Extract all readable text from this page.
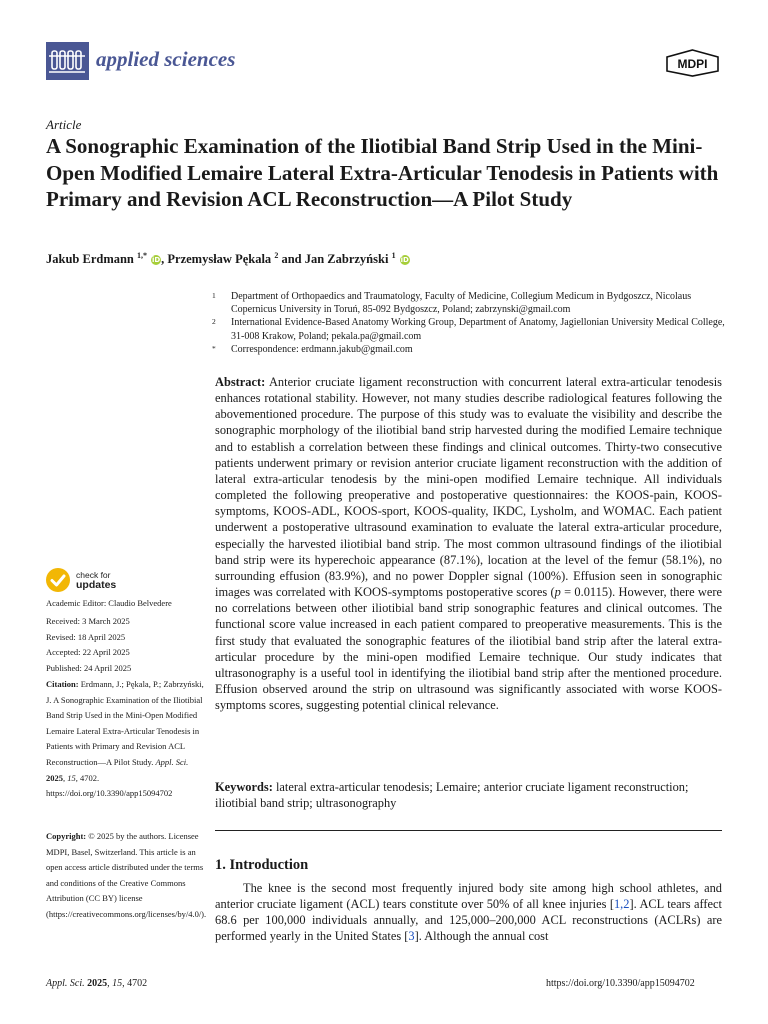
applied sciences	MDPI
Article
A Sonographic Examination of the Iliotibial Band Strip Used in the Mini-Open Modified Lemaire Lateral Extra-Articular Tenodesis in Patients with Primary and Revision ACL Reconstruction—A Pilot Study
Jakub Erdmann $^{1,*}$ iD, Przemysław Pękala $^2$ and Jan Zabrzyński $^1$ iD
1	Department of Orthopaedics and Traumatology, Faculty of Medicine, Collegium Medicum in Bydgoszcz, Nicolaus Copernicus University in Toruń, 85-092 Bydgoszcz, Poland; zabrzynski@gmail.com
2	International Evidence-Based Anatomy Working Group, Department of Anatomy, Jagiellonian University Medical College, 31-008 Krakow, Poland; pekala.pa@gmail.com
*	Correspondence: erdmann.jakub@gmail.com
Abstract: Anterior cruciate ligament reconstruction with concurrent lateral extra-articular tenodesis enhances rotational stability. However, not many studies describe radiological features following the abovementioned procedure. The purpose of this study was to evaluate the visibility and describe the sonographic morphology of the iliotibial band strip harvested during the modified Lemaire technique and to establish a correlation between these findings and clinical outcomes. Thirty-two consecutive patients underwent primary or revision anterior cruciate ligament reconstruction with the addition of lateral extra-articular tenodesis by the mini-open modified Lemaire technique. All individuals completed the following preoperative and postoperative questionnaires: the KOOS-pain, KOOS-symptoms, KOOS-ADL, KOOS-sport, KOOS-quality, IKDC, Lysholm, and WOMAC. Each patient underwent a postoperative ultrasound examination to evaluate the lateral extra-articular procedure, especially the harvested iliotibial band strip. The most common ultrasound findings of the iliotibial band strip were its hyperechoic appearance (87.1%), location at the level of the femur (58.1%), no surrounding effusion (83.9%), and no power Doppler signal (100%). Effusion seen in sonographic images was correlated with KOOS-symptoms postoperative scores (p = 0.0115). However, there were no correlations between other iliotibial band strip sonographic features and clinical outcomes. The functional score value increased in each patient compared to preoperative measurements. This is the first study that evaluated the sonographic features of the iliotibial band strip after the lateral extra-articular procedure by the mini-open modified Lemaire technique. Our study indicates that ultrasonography is a useful tool in identifying the iliotibial band strip after the mentioned procedure. Effusion observed around the strip on ultrasound was significantly associated with worse KOOS-symptoms scores, suggesting potential clinical relevance.
Keywords: lateral extra-articular tenodesis; Lemaire; anterior cruciate ligament reconstruction; iliotibial band strip; ultrasonography
1. Introduction
The knee is the second most frequently injured body site among high school athletes, and anterior cruciate ligament (ACL) tears constitute over 50% of all knee injuries [1,2]. ACL tears affect 68.6 per 100,000 individuals annually, and 125,000–200,000 ACL reconstructions (ACLRs) are performed yearly in the United States [3]. Although the annual cost
check for
updates

Academic Editor: Claudio Belvedere

Received: 3 March 2025

Revised: 18 April 2025

Accepted: 22 April 2025

Published: 24 April 2025

Citation: Erdmann, J.; Pękala, P.; Zabrzyński, J. A Sonographic Examination of the Iliotibial Band Strip Used in the Mini-Open Modified Lemaire Lateral Extra-Articular Tenodesis in Patients with Primary and Revision ACL Reconstruction—A Pilot Study. Appl. Sci. 2025, 15, 4702. https://doi.org/10.3390/app15094702
Copyright: © 2025 by the authors. Licensee MDPI, Basel, Switzerland. This article is an open access article distributed under the terms and conditions of the Creative Commons Attribution (CC BY) license (https://creativecommons.org/licenses/by/4.0/).
Appl. Sci. 2025, 15, 4702	https://doi.org/10.3390/app15094702
